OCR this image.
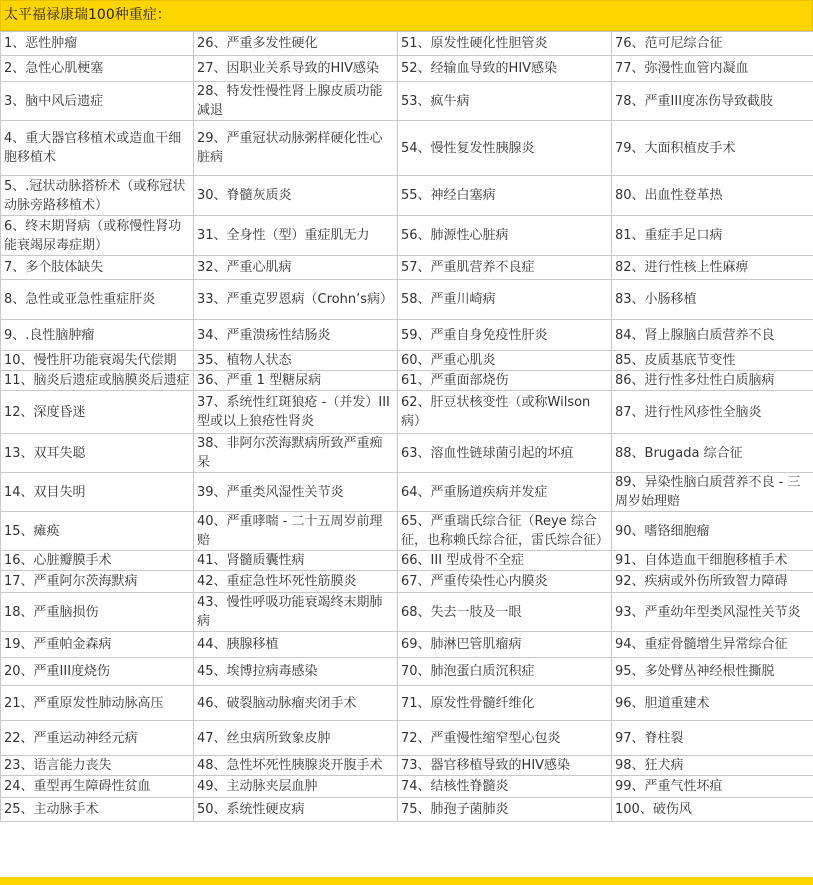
太平福禄康瑞100种重症：
1、恶性肿瘤	26、严重多发性硬化	51、原发性硬化性胆管炎	76、范可尼综合征
2、急性心肌梗塞	27、因职业关系导致的HIV感染	52、经输血导致的HIV感染	77、弥漫性血管内凝血
3、脑中风后遗症	28、特发性慢性肾上腺皮质功能减退	53、疯牛病	78、严重III度冻伤导致截肢
4、重大器官移植术或造血干细胞移植术	29、严重冠状动脉粥样硬化性心脏病	54、慢性复发性胰腺炎	79、大面积植皮手术
5、.冠状动脉搭桥术（或称冠状动脉旁路移植术）	30、脊髓灰质炎	55、神经白塞病	80、出血性登革热
6、终末期肾病（或称慢性肾功能衰竭尿毒症期）	31、全身性（型）重症肌无力	56、肺源性心脏病	81、重症手足口病
7、多个肢体缺失	32、严重心肌病	57、严重肌营养不良症	82、进行性核上性麻痹
8、急性或亚急性重症肝炎	33、严重克罗恩病（Crohn’s病）	58、严重川崎病	83、小肠移植
9、.良性脑肿瘤	34、严重溃疡性结肠炎	59、严重自身免疫性肝炎	84、肾上腺脑白质营养不良
10、慢性肝功能衰竭失代偿期	35、植物人状态	60、严重心肌炎	85、皮质基底节变性
11、脑炎后遗症或脑膜炎后遗症	36、严重 1 型糖尿病	61、严重面部烧伤	86、进行性多灶性白质脑病
12、深度昏迷	37、系统性红斑狼疮 -（并发）III型或以上狼疮性肾炎	62、肝豆状核变性（或称Wilson病）	87、进行性风疹性全脑炎
13、双耳失聪	38、非阿尔茨海默病所致严重痴呆	63、溶血性链球菌引起的坏疽	88、Brugada 综合征
14、双目失明	39、严重类风湿性关节炎	64、严重肠道疾病并发症	89、异染性脑白质营养不良 - 三周岁始理赔
15、瘫痪	40、严重哮喘 - 二十五周岁前理赔	65、严重瑞氏综合征（Reye 综合征，也称赖氏综合征，雷氏综合征）	90、嗜铬细胞瘤
16、心脏瓣膜手术	41、肾髓质囊性病	66、III 型成骨不全症	91、自体造血干细胞移植手术
17、严重阿尔茨海默病	42、重症急性坏死性筋膜炎	67、严重传染性心内膜炎	92、疾病或外伤所致智力障碍
18、严重脑损伤	43、慢性呼吸功能衰竭终末期肺病	68、失去一肢及一眼	93、严重幼年型类风湿性关节炎
19、严重帕金森病	44、胰腺移植	69、肺淋巴管肌瘤病	94、重症骨髓增生异常综合征
20、严重III度烧伤	45、埃博拉病毒感染	70、肺泡蛋白质沉积症	95、多处臂丛神经根性撕脱
21、严重原发性肺动脉高压	46、破裂脑动脉瘤夹闭手术	71、原发性骨髓纤维化	96、胆道重建术
22、严重运动神经元病	47、丝虫病所致象皮肿	72、严重慢性缩窄型心包炎	97、脊柱裂
23、语言能力丧失	48、急性坏死性胰腺炎开腹手术	73、器官移植导致的HIV感染	98、狂犬病
24、重型再生障碍性贫血	49、主动脉夹层血肿	74、结核性脊髓炎	99、严重气性坏疽
25、主动脉手术	50、系统性硬皮病	75、肺孢子菌肺炎	100、破伤风
